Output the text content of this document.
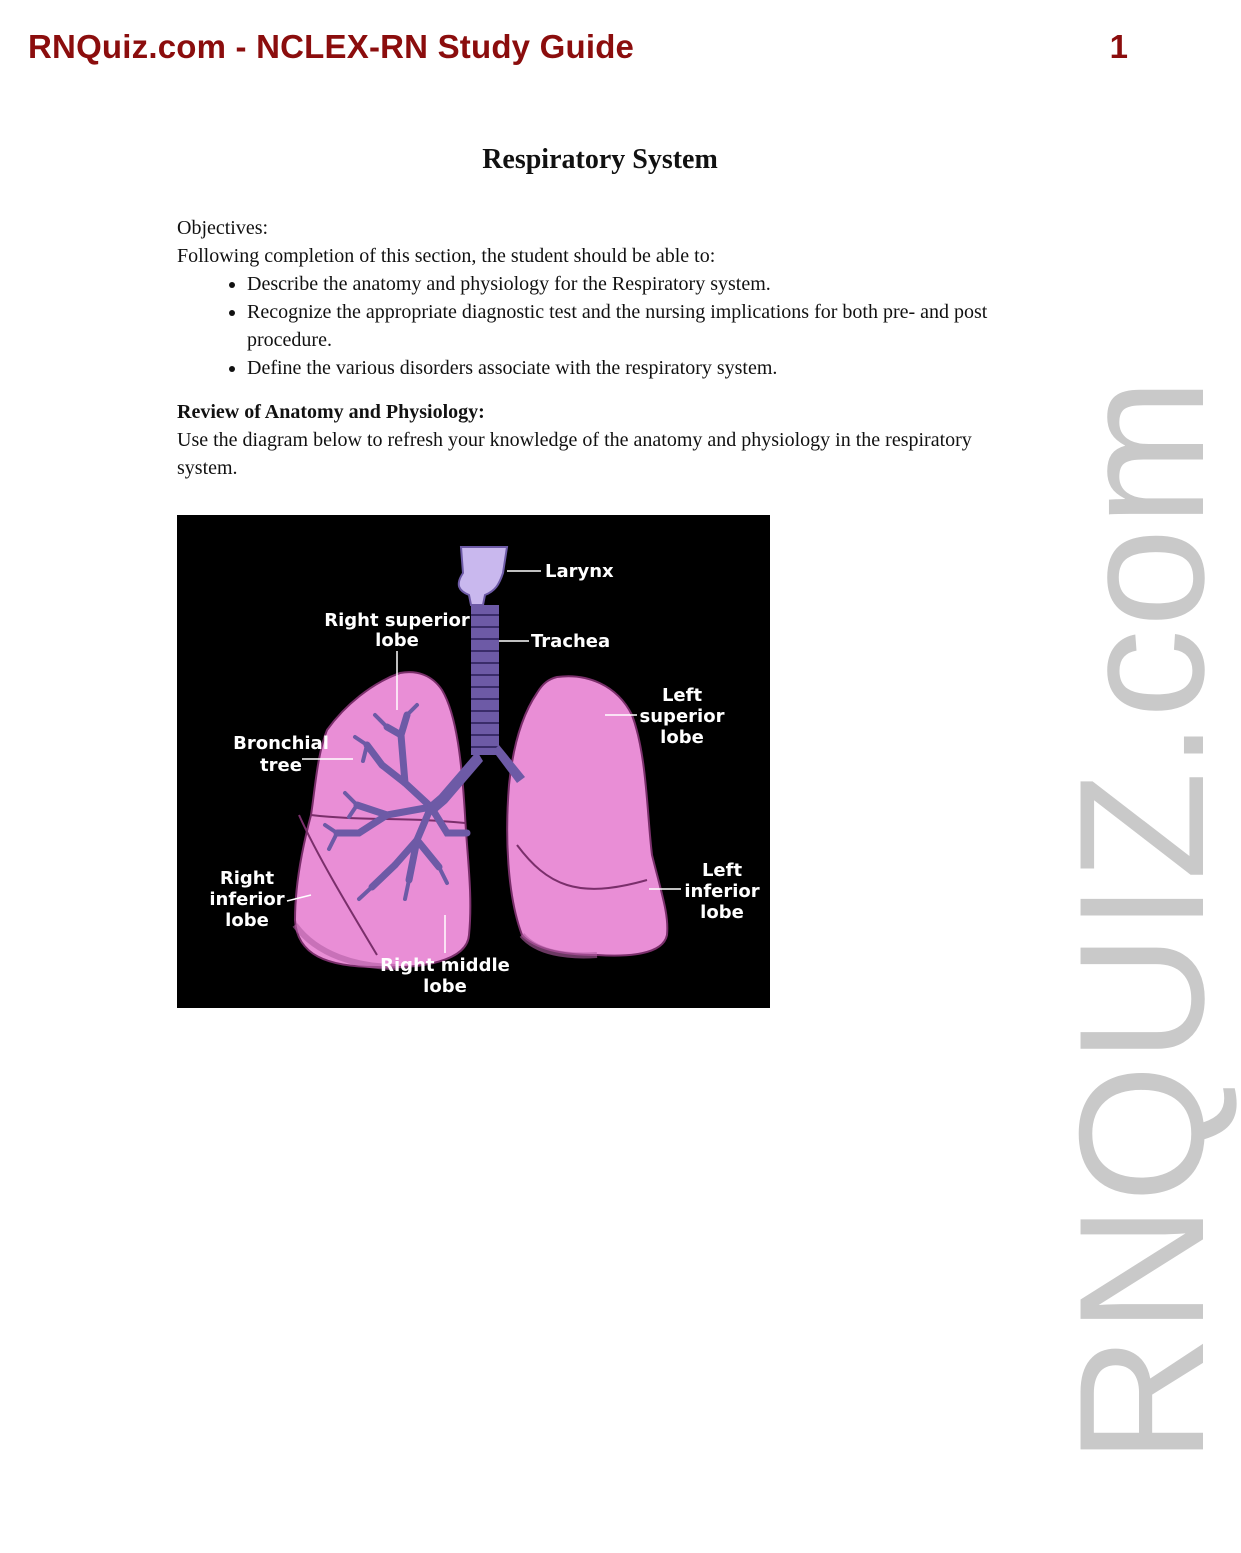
RNQuiz.com - NCLEX-RN Study Guide	1
RNQUIZ.com
Respiratory System

Objectives:

Following completion of this section, the student should be able to:

• Describe the anatomy and physiology for the Respiratory system.
• Recognize the appropriate diagnostic test and the nursing implications for both pre- and post procedure.
• Define the various disorders associate with the respiratory system.

Review of Anatomy and Physiology:

Use the diagram below to refresh your knowledge of the anatomy and physiology in the respiratory system.

Larynx
Trachea
Right superior
lobe
Bronchial
tree
Right
inferior
lobe
Right middle
lobe
Left
superior
lobe
Left
inferior
lobe
